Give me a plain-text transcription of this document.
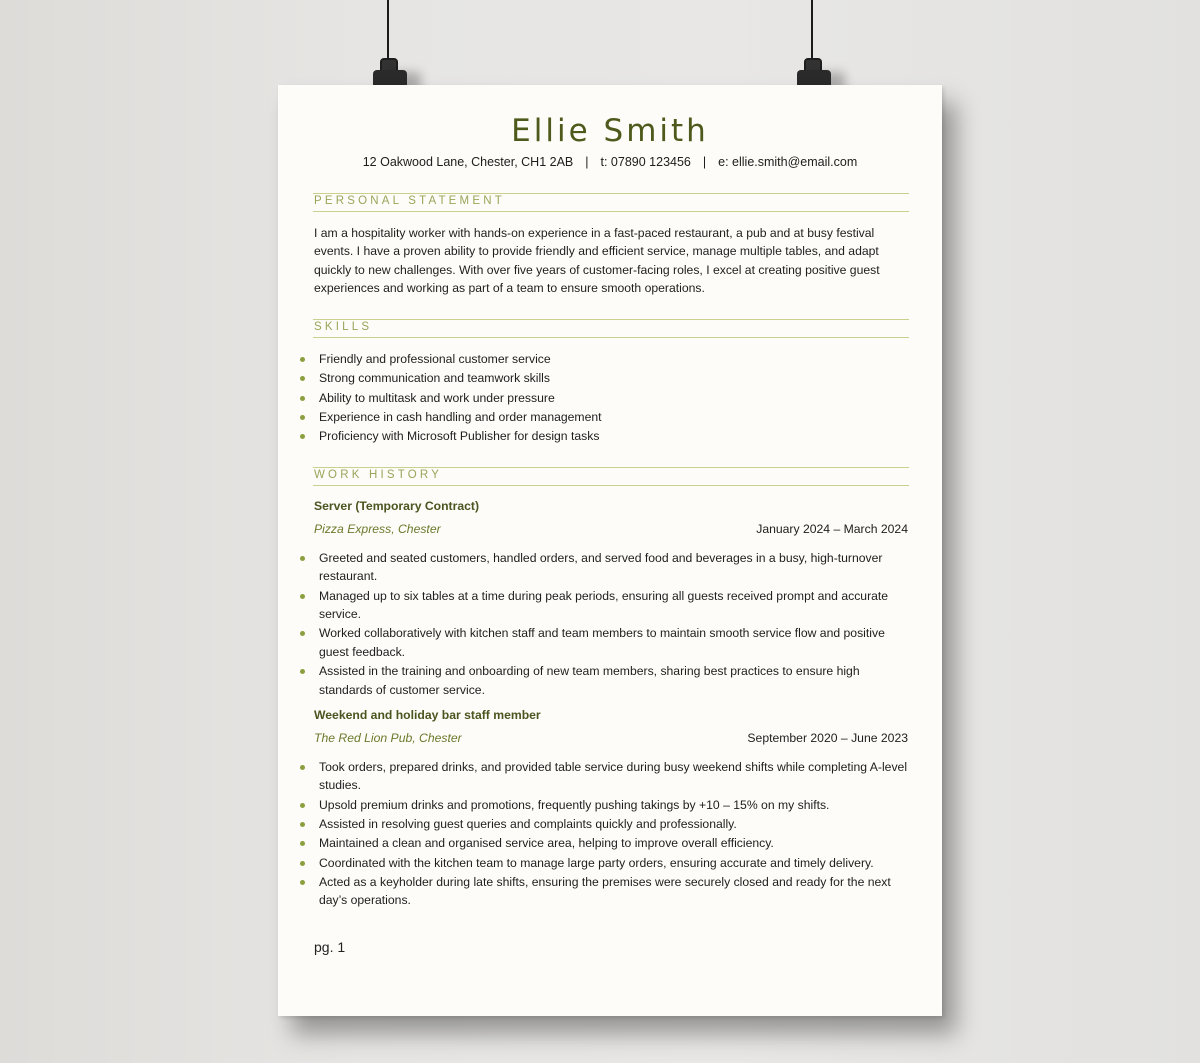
Ellie Smith
12 Oakwood Lane, Chester, CH1 2AB | t: 07890 123456 | e: ellie.smith@email.com
PERSONAL STATEMENT
I am a hospitality worker with hands-on experience in a fast-paced restaurant, a pub and at busy festival events. I have a proven ability to provide friendly and efficient service, manage multiple tables, and adapt quickly to new challenges. With over five years of customer-facing roles, I excel at creating positive guest experiences and working as part of a team to ensure smooth operations.
SKILLS
Friendly and professional customer service
Strong communication and teamwork skills
Ability to multitask and work under pressure
Experience in cash handling and order management
Proficiency with Microsoft Publisher for design tasks
WORK HISTORY
Server (Temporary Contract)
Pizza Express, Chester	January 2024 – March 2024
Greeted and seated customers, handled orders, and served food and beverages in a busy, high-turnover restaurant.
Managed up to six tables at a time during peak periods, ensuring all guests received prompt and accurate service.
Worked collaboratively with kitchen staff and team members to maintain smooth service flow and positive guest feedback.
Assisted in the training and onboarding of new team members, sharing best practices to ensure high standards of customer service.
Weekend and holiday bar staff member
The Red Lion Pub, Chester	September 2020 – June 2023
Took orders, prepared drinks, and provided table service during busy weekend shifts while completing A-level studies.
Upsold premium drinks and promotions, frequently pushing takings by +10 – 15% on my shifts.
Assisted in resolving guest queries and complaints quickly and professionally.
Maintained a clean and organised service area, helping to improve overall efficiency.
Coordinated with the kitchen team to manage large party orders, ensuring accurate and timely delivery.
Acted as a keyholder during late shifts, ensuring the premises were securely closed and ready for the next day’s operations.
pg. 1
